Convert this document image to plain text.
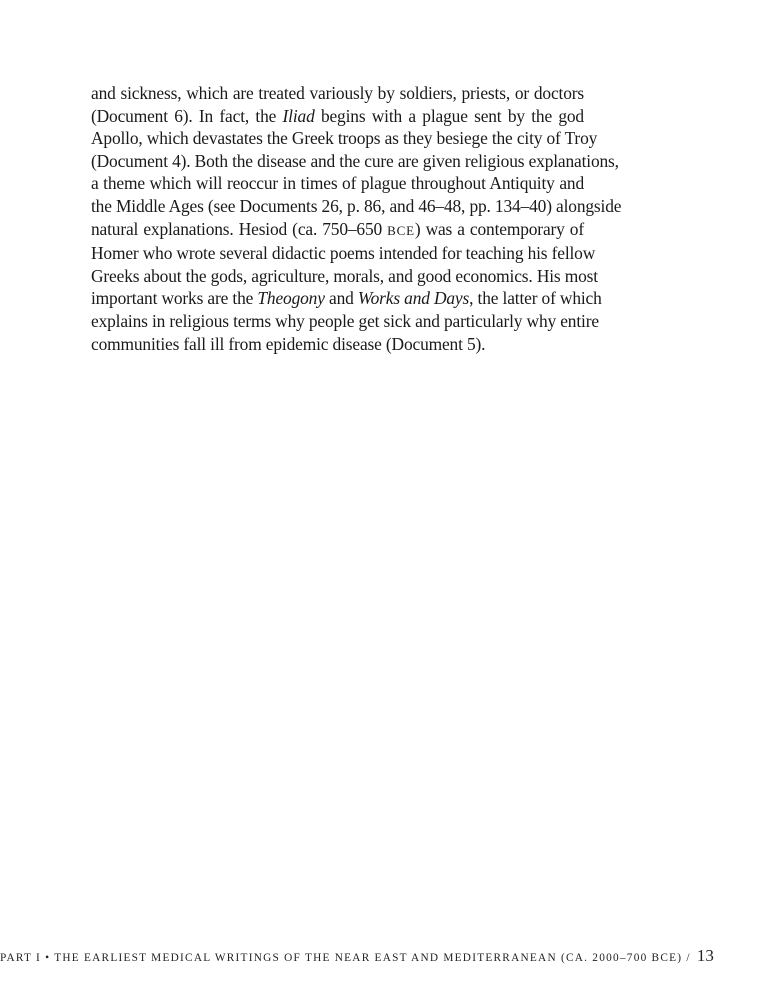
and sickness, which are treated variously by soldiers, priests, or doctors
(Document 6). In fact, the Iliad begins with a plague sent by the god
Apollo, which devastates the Greek troops as they besiege the city of Troy
(Document 4). Both the disease and the cure are given religious explanations,
a theme which will reoccur in times of plague throughout Antiquity and
the Middle Ages (see Documents 26, p. 86, and 46–48, pp. 134–40) alongside
natural explanations. Hesiod (ca. 750–650 BCE) was a contemporary of
Homer who wrote several didactic poems intended for teaching his fellow
Greeks about the gods, agriculture, morals, and good economics. His most
important works are the Theogony and Works and Days, the latter of which
explains in religious terms why people get sick and particularly why entire
communities fall ill from epidemic disease (Document 5).
PART I • THE EARLIEST MEDICAL WRITINGS OF THE NEAR EAST AND MEDITERRANEAN (CA. 2000–700 BCE) / 13
